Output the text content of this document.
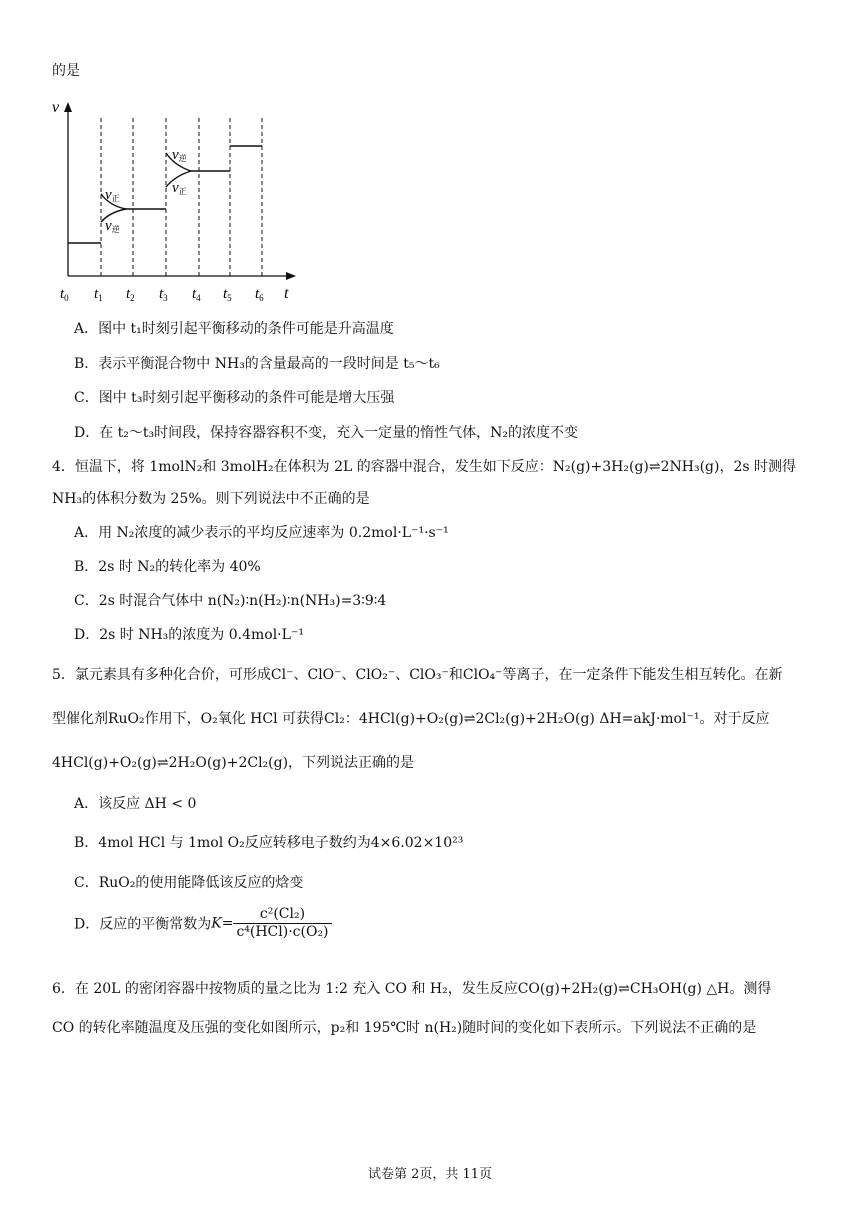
的是
v
t
v正
v逆
v逆
v正
$t_0$ $t_1$ $t_2$ $t_3$ $t_4$ $t_5$ $t_6$
A．图中 t₁时刻引起平衡移动的条件可能是升高温度
B．表示平衡混合物中 NH₃的含量最高的一段时间是 t₅～t₆
C．图中 t₃时刻引起平衡移动的条件可能是增大压强
D．在 t₂～t₃时间段，保持容器容积不变，充入一定量的惰性气体，N₂的浓度不变
4．恒温下，将 1molN₂和 3molH₂在体积为 2L 的容器中混合，发生如下反应：N₂(g)+3H₂(g)⇌2NH₃(g)，2s 时测得
NH₃的体积分数为 25%。则下列说法中不正确的是
A．用 N₂浓度的减少表示的平均反应速率为 0.2mol·L⁻¹·s⁻¹
B．2s 时 N₂的转化率为 40%
C．2s 时混合气体中 n(N₂)∶n(H₂)∶n(NH₃)=3∶9∶4
D．2s 时 NH₃的浓度为 0.4mol·L⁻¹
5．氯元素具有多种化合价，可形成Cl⁻、ClO⁻、ClO₂⁻、ClO₃⁻和ClO₄⁻等离子，在一定条件下能发生相互转化。在新
型催化剂RuO₂作用下，O₂氧化 HCl 可获得Cl₂：4HCl(g)+O₂(g)⇌2Cl₂(g)+2H₂O(g) ΔH=akJ·mol⁻¹。对于反应
4HCl(g)+O₂(g)⇌2H₂O(g)+2Cl₂(g)，下列说法正确的是
A．该反应 ΔH < 0
B．4mol HCl 与 1mol O₂反应转移电子数约为4×6.02×10²³
C．RuO₂的使用能降低该反应的焓变
D．反应的平衡常数为$K= \frac{\text{c²(Cl₂)}}{\text{c⁴(HCl)·c(O₂)}}$
6．在 20L 的密闭容器中按物质的量之比为 1:2 充入 CO 和 H₂，发生反应CO(g)+2H₂(g)⇌CH₃OH(g) △H。测得
CO 的转化率随温度及压强的变化如图所示，p₂和 195℃时 n(H₂)随时间的变化如下表所示。下列说法不正确的是
试卷第 2页，共 11页
